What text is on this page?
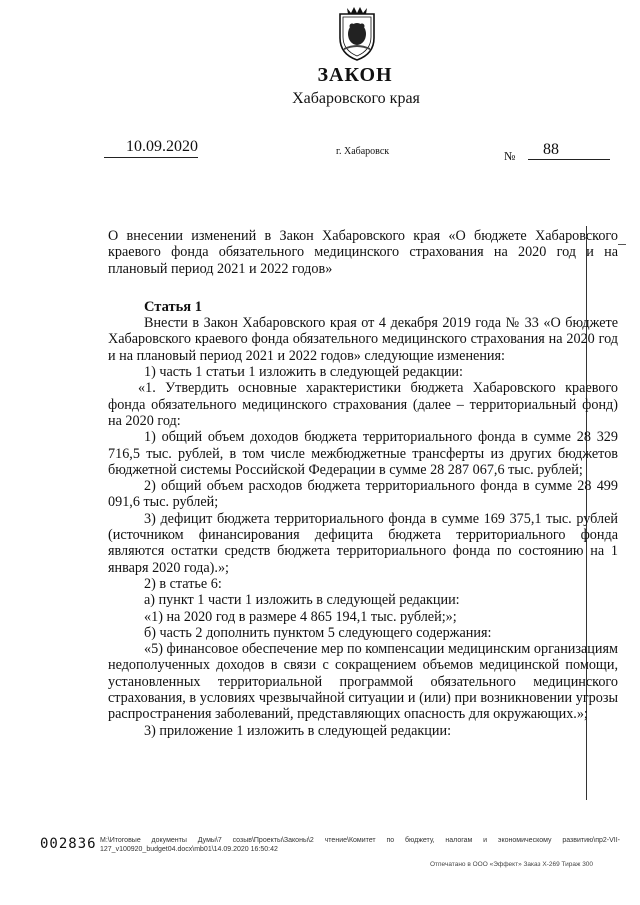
ЗАКОН
Хабаровского края
10.09.2020	г. Хабаровск	№ 88

О внесении изменений в Закон Хабаровского края «О бюджете Хабаровского краевого фонда обязательного медицинского страхования на 2020 год и на плановый период 2021 и 2022 годов»

Статья 1

Внести в Закон Хабаровского края от 4 декабря 2019 года № 33 «О бюджете Хабаровского краевого фонда обязательного медицинского страхования на 2020 год и на плановый период 2021 и 2022 годов» следующие изменения:

1) часть 1 статьи 1 изложить в следующей редакции:

«1. Утвердить основные характеристики бюджета Хабаровского краевого фонда обязательного медицинского страхования (далее – территориальный фонд) на 2020 год:

1) общий объем доходов бюджета территориального фонда в сумме 28 329 716,5 тыс. рублей, в том числе межбюджетные трансферты из других бюджетов бюджетной системы Российской Федерации в сумме 28 287 067,6 тыс. рублей;

2) общий объем расходов бюджета территориального фонда в сумме 28 499 091,6 тыс. рублей;

3) дефицит бюджета территориального фонда в сумме 169 375,1 тыс. рублей (источником финансирования дефицита бюджета территориального фонда являются остатки средств бюджета территориального фонда по состоянию на 1 января 2020 года).»;

2) в статье 6:

а) пункт 1 части 1 изложить в следующей редакции:

«1) на 2020 год в размере 4 865 194,1 тыс. рублей;»;

б) часть 2 дополнить пунктом 5 следующего содержания:

«5) финансовое обеспечение мер по компенсации медицинским организациям недополученных доходов в связи с сокращением объемов медицинской помощи, установленных территориальной программой обязательного медицинского страхования, в условиях чрезвычайной ситуации и (или) при возникновении угрозы распространения заболеваний, представляющих опасность для окружающих.»;

3) приложение 1 изложить в следующей редакции:

002836 M:\Итоговые документы Думы\7 созыв\Проекты\Законы\2 чтение\Комитет по бюджету, налогам и экономическому развитию\пр2-VII-127_v100920_budget04.docx\mb01\14.09.2020 16:50:42
Отпечатано в ООО «Эффект» Заказ Х-269 Тираж 300
